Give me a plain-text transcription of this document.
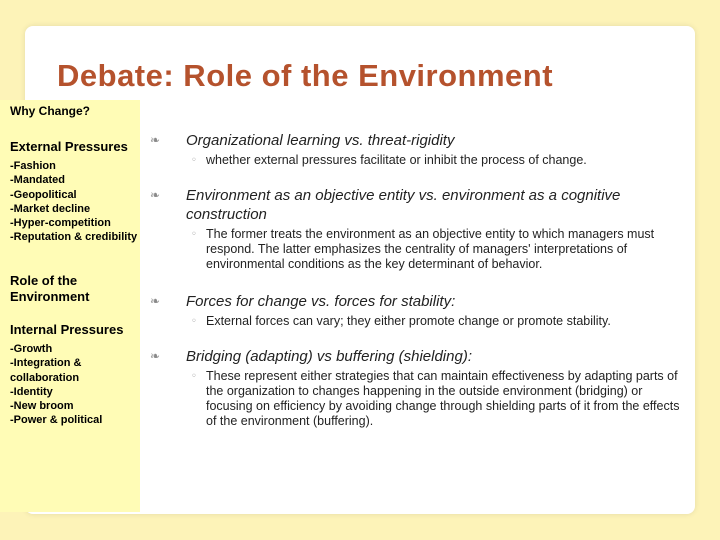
Debate: Role of the Environment
Why Change?
External Pressures
-Fashion
-Mandated
-Geopolitical
-Market decline
-Hyper-competition
-Reputation & credibility
Role of the Environment
Internal Pressures
-Growth
-Integration & collaboration
-Identity
-New broom
-Power & political
❧ Organizational learning vs. threat-rigidity
◦ whether external pressures facilitate or inhibit the process of change.
❧ Environment as an objective entity vs. environment as a cognitive construction
◦ The former treats the environment as an objective entity to which managers must respond. The latter emphasizes the centrality of managers' interpretations of environmental conditions as the key determinant of behavior.
❧ Forces for change vs. forces for stability:
◦ External forces can vary; they either promote change or promote stability.
❧ Bridging (adapting) vs buffering (shielding):
◦ These represent either strategies that can maintain effectiveness by adapting parts of the organization to changes happening in the outside environment (bridging) or focusing on efficiency by avoiding change through shielding parts of it from the effects of the environment (buffering).
